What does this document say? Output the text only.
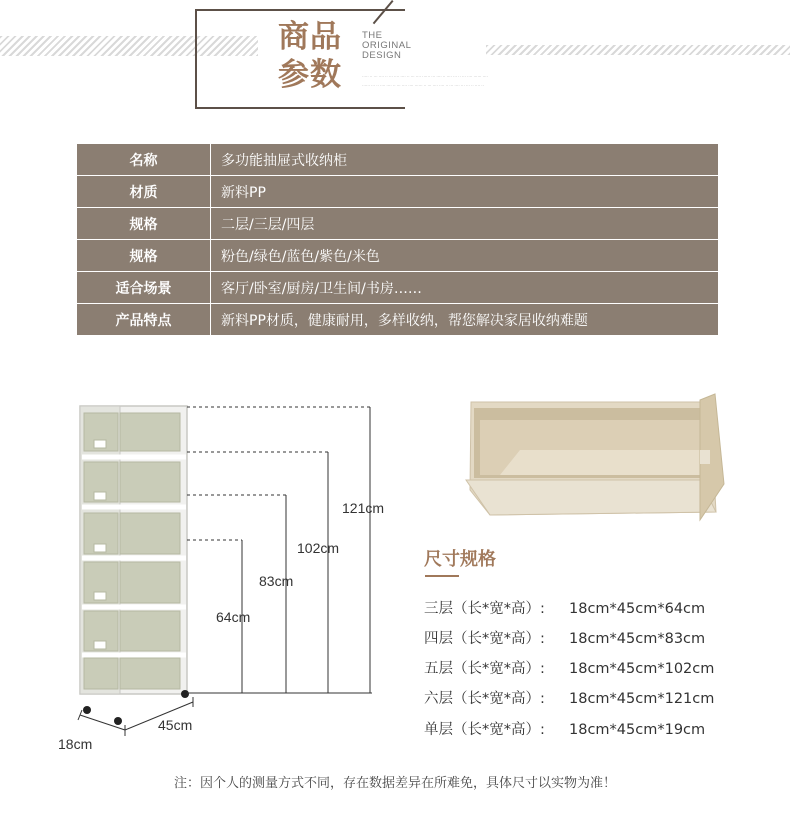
商品
参数
THE
ORIGINAL
DESIGN
····· ·· ··· ···· ·· ··· ···· ···· ·· ··· ···· ······ ··· ···· ·· ···· ··· ·· ··· ···· ······ ····
······ ··· ·· ···· ···· ·· ··· ···· ···· ······ ·· ··· ···· ···· ·· ··· ···· ··· ··· ·· ···· ··
名称	多功能抽屉式收纳柜
材质	新料PP
规格	二层/三层/四层
规格	粉色/绿色/蓝色/紫色/米色
适合场景	客厅/卧室/厨房/卫生间/书房……
产品特点	新料PP材质，健康耐用，多样收纳，帮您解决家居收纳难题
121cm
102cm
83cm
64cm
45cm
18cm
尺寸规格
三层（长*宽*高）: 18cm*45cm*64cm
四层（长*宽*高）: 18cm*45cm*83cm
五层（长*宽*高）: 18cm*45cm*102cm
六层（长*宽*高）: 18cm*45cm*121cm
单层（长*宽*高）: 18cm*45cm*19cm
注：因个人的测量方式不同，存在数据差异在所难免，具体尺寸以实物为准！
